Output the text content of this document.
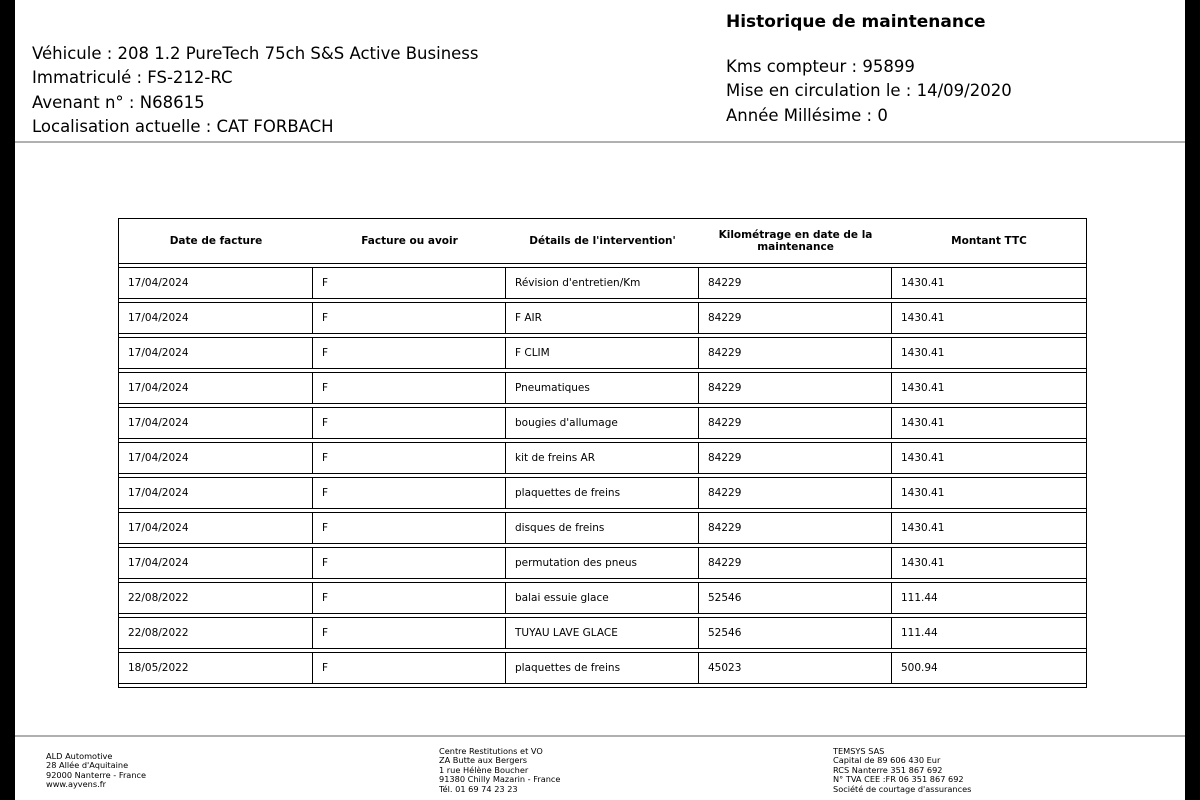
Véhicule : 208 1.2 PureTech 75ch S&S Active Business
Immatriculé : FS-212-RC
Avenant n° : N68615
Localisation actuelle : CAT FORBACH
Historique de maintenance
Kms compteur : 95899
Mise en circulation le : 14/09/2020
Année Millésime : 0
Date de facture	Facture ou avoir	Détails de l'intervention'	Kilométrage en date de la maintenance	Montant TTC

17/04/2024	F	Révision d'entretien/Km	84229	1430.41

17/04/2024	F	F AIR	84229	1430.41

17/04/2024	F	F CLIM	84229	1430.41

17/04/2024	F	Pneumatiques	84229	1430.41

17/04/2024	F	bougies d'allumage	84229	1430.41

17/04/2024	F	kit de freins AR	84229	1430.41

17/04/2024	F	plaquettes de freins	84229	1430.41

17/04/2024	F	disques de freins	84229	1430.41

17/04/2024	F	permutation des pneus	84229	1430.41

22/08/2022	F	balai essuie glace	52546	111.44

22/08/2022	F	TUYAU LAVE GLACE	52546	111.44

18/05/2022	F	plaquettes de freins	45023	500.94

ALD Automotive
28 Allée d'Aquitaine
92000 Nanterre - France
www.ayvens.fr
Centre Restitutions et VO
ZA Butte aux Bergers
1 rue Hélène Boucher
91380 Chilly Mazarin - France
Tél. 01 69 74 23 23
TEMSYS SAS
Capital de 89 606 430 Eur
RCS Nanterre 351 867 692
N° TVA CEE :FR 06 351 867 692
Société de courtage d'assurances
